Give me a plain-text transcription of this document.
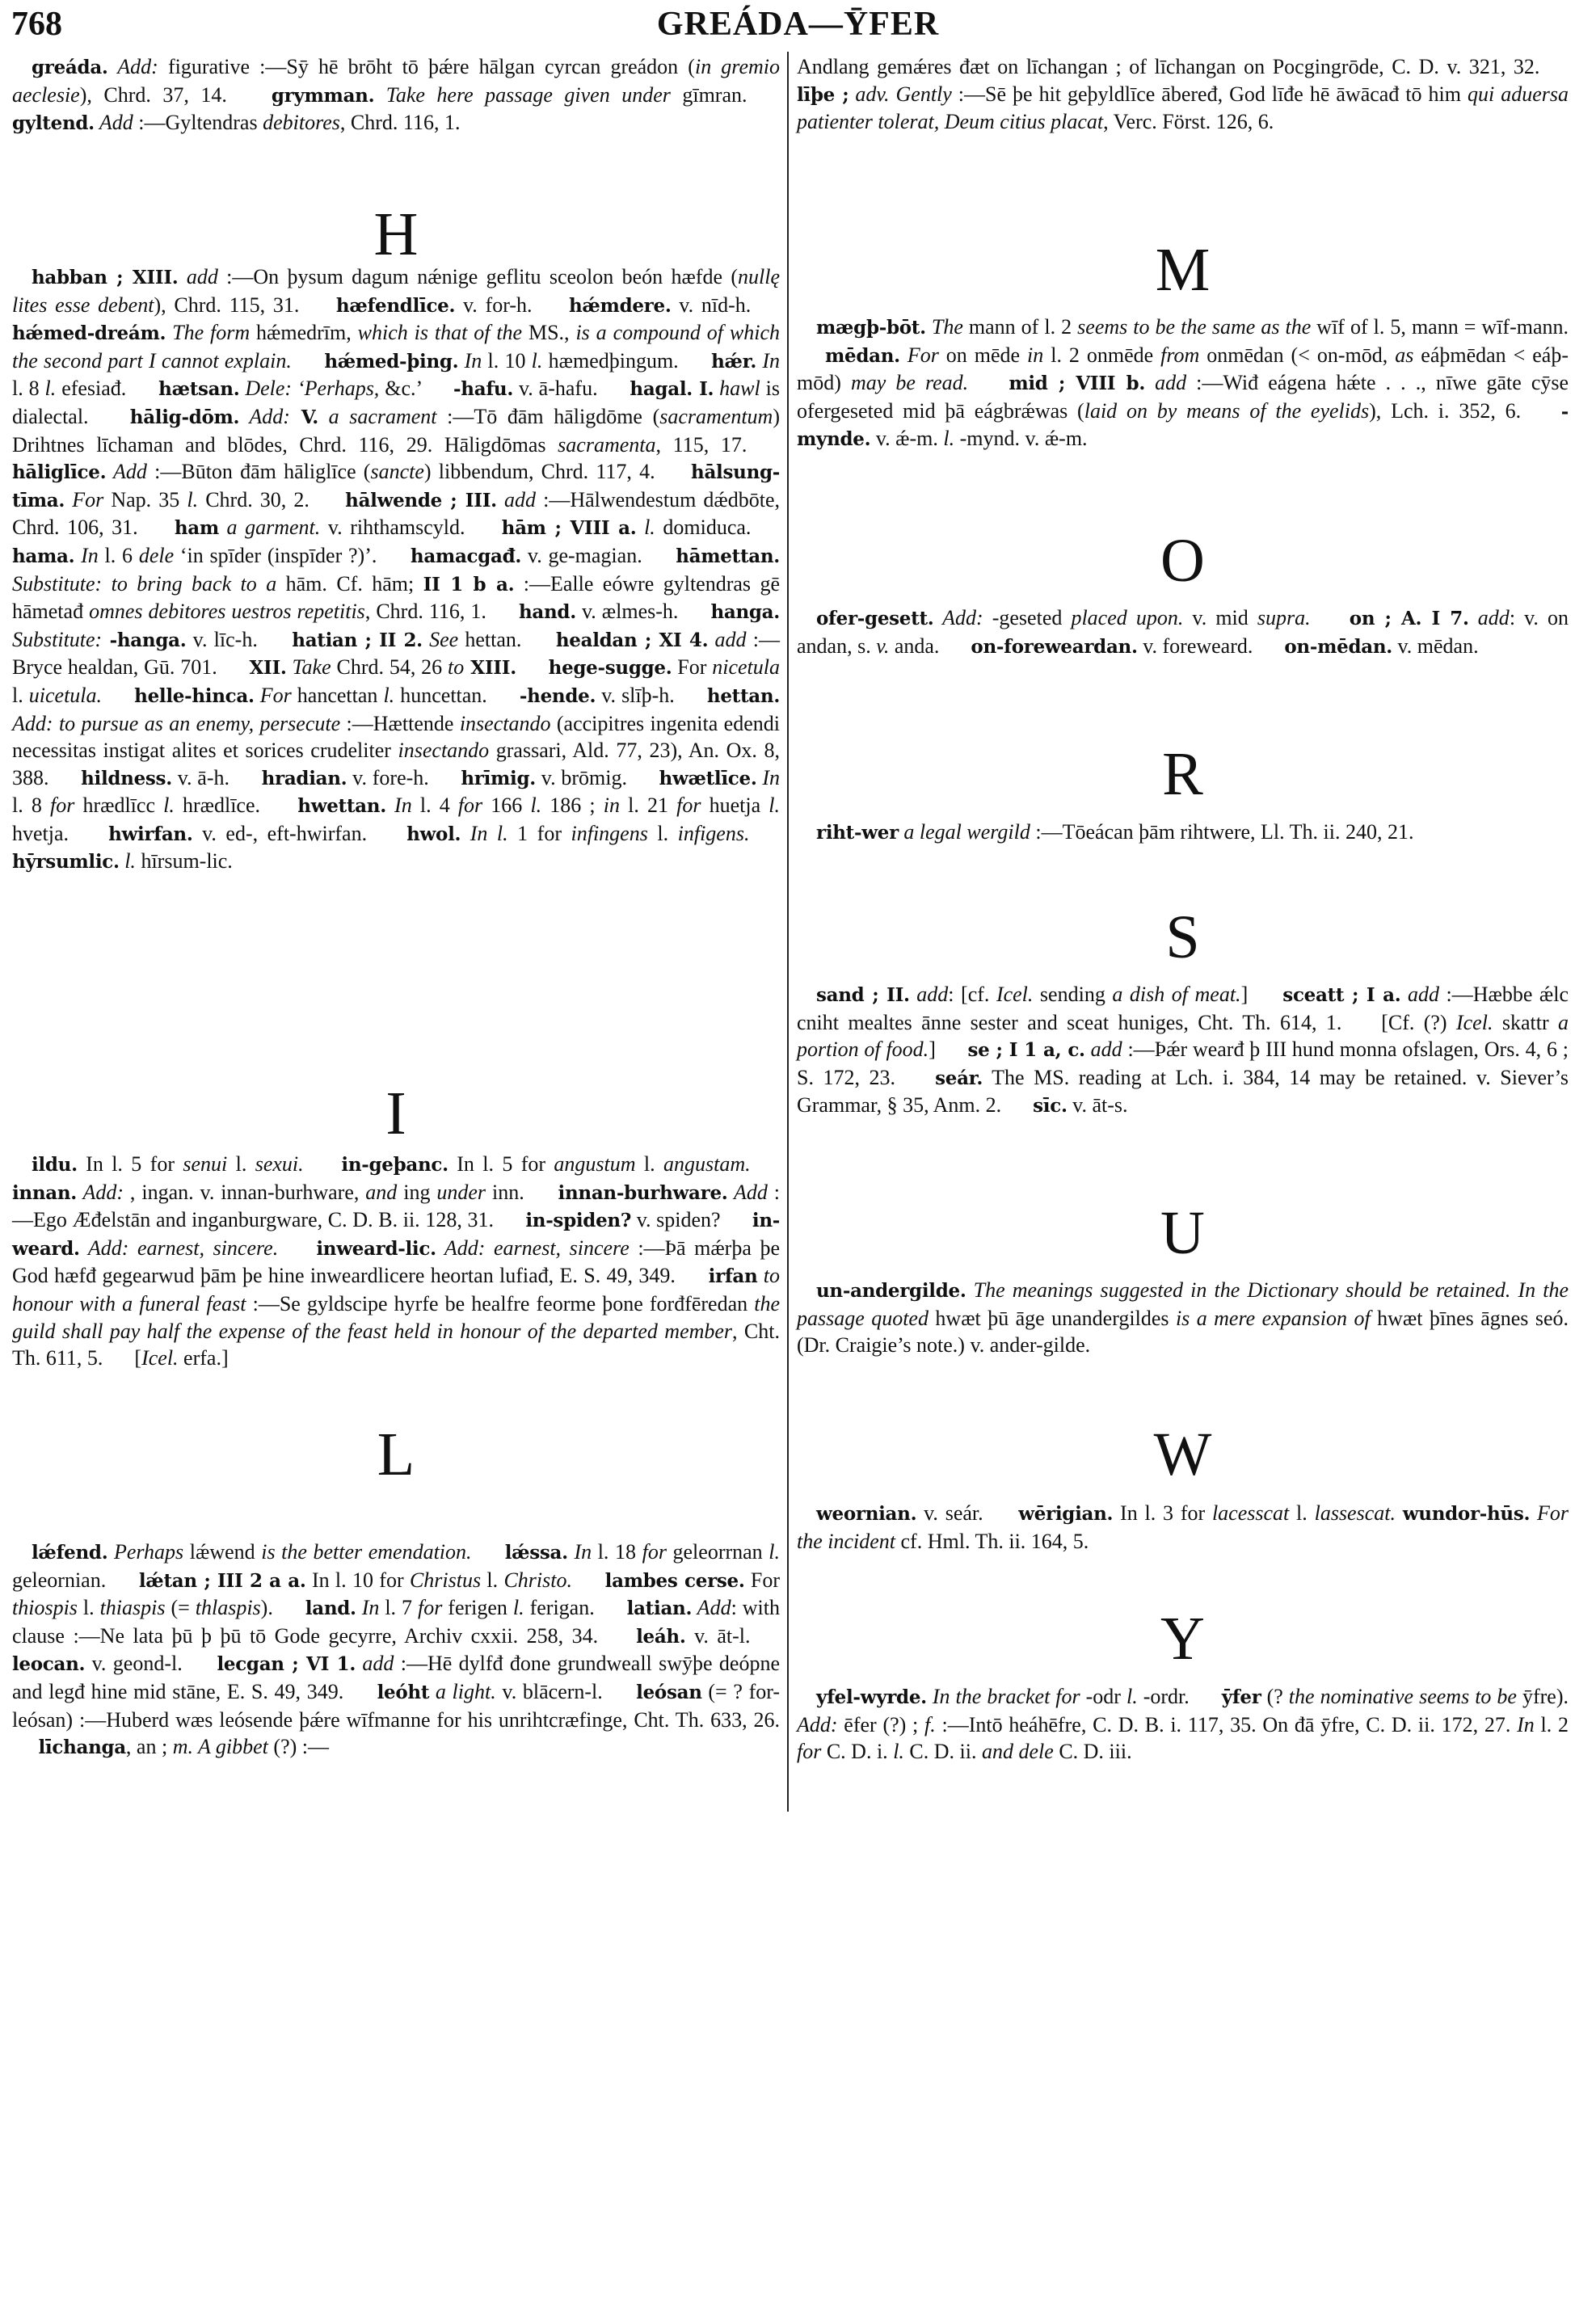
768	GREÁDA—ȲFER

greáda. Add: figurative :—Sȳ hē brōht tō þǽre hālgan cyrcan greádon (in gremio aeclesie), Chrd. 37, 14.   grymman. Take here passage given under gīmran.   gyltend. Add :—Gyltendras debitores, Chrd. 116, 1.

H

habban ; XIII. add :—On þysum dagum nǽnige geflitu sceolon beón hæfde (nullę lites esse debent), Chrd. 115, 31.   hæfendlīce. v. for-h.   hǽmdere. v. nīd-h.   hǽmed-dreám. The form hǽmedrīm, which is that of the MS., is a compound of which the second part I cannot explain.   hǽmed-þing. In l. 10 l. hæmedþingum.   hǽr. In l. 8 l. efesiađ.   hætsan. Dele: ‘Perhaps, &c.’   -hafu. v. ā-hafu.   hagal. I. hawl is dialectal.   hālig-dōm. Add: V. a sacrament :—Tō đām hāligdōme (sacramentum) Drihtnes līchaman and blōdes, Chrd. 116, 29. Hāligdōmas sacramenta, 115, 17.   hāliglīce. Add :—Būton đām hāliglīce (sancte) libbendum, Chrd. 117, 4.   hālsung-tīma. For Nap. 35 l. Chrd. 30, 2.   hālwende ; III. add :—Hālwendestum dǽdbōte, Chrd. 106, 31.   ham a garment. v. rihthamscyld.   hām ; VIII a. l. domiduca.   hama. In l. 6 dele ‘in spīder (inspīder ?)’.   hamacgađ. v. ge-magian.   hāmettan. Substitute: to bring back to a hām. Cf. hām; II 1 b a. :—Ealle eówre gyltendras gē hāmetađ omnes debitores uestros repetitis, Chrd. 116, 1.   hand. v. ælmes-h.   hanga. Substitute: -hanga. v. līc-h.   hatian ; II 2. See hettan.   healdan ; XI 4. add :—Bryce healdan, Gū. 701.   XII. Take Chrd. 54, 26 to XIII.   hege-sugge. For nicetula l. uicetula.   helle-hinca. For hancettan l. huncettan.   -hende. v. slīþ-h.   hettan. Add: to pursue as an enemy, persecute :—Hættende insectando (accipitres ingenita edendi necessitas instigat alites et sorices crudeliter insectando grassari, Ald. 77, 23), An. Ox. 8, 388.   hildness. v. ā-h.   hradian. v. fore-h.   hrīmig. v. brōmig.   hwætlīce. In l. 8 for hrædlīcc l. hrædlīce.   hwettan. In l. 4 for 166 l. 186 ; in l. 21 for huetja l. hvetja.   hwirfan. v. ed-, eft-hwirfan.   hwol. In l. 1 for infingens l. infigens.   hȳrsumlic. l. hīrsum-lic.

I

ildu. In l. 5 for senui l. sexui.   in-geþanc. In l. 5 for angustum l. angustam.   innan. Add: , ingan. v. innan-burhware, and ing under inn.   innan-burhware. Add :—Ego Æđelstān and inganburgware, C. D. B. ii. 128, 31.   in-spiden? v. spiden?   in-weard. Add: earnest, sincere.   inweard-lic. Add: earnest, sincere :—Þā mǽrþa þe God hæfđ gegearwud þām þe hine inweardlicere heortan lufiađ, E. S. 49, 349.   irfan to honour with a funeral feast :—Se gyldscipe hyrfe be healfre feorme þone forđfēredan the guild shall pay half the expense of the feast held in honour of the departed member, Cht. Th. 611, 5.   [Icel. erfa.]

L

lǽfend. Perhaps lǽwend is the better emendation.   lǽssa. In l. 18 for geleorrnan l. geleornian.   lǽtan ; III 2 a a. In l. 10 for Christus l. Christo.   lambes cerse. For thiospis l. thiaspis (= thlaspis).   land. In l. 7 for ferigen l. ferigan.   latian. Add: with clause :—Ne lata þū þ þū tō Gode gecyrre, Archiv cxxii. 258, 34.   leáh. v. āt-l.   leocan. v. geond-l.   lecgan ; VI 1. add :—Hē dylfđ đone grundweall swȳþe deópne and legđ hine mid stāne, E. S. 49, 349.   leóht a light. v. blācern-l.   leósan (= ? for-leósan) :—Huberd wæs leósende þǽre wīfmanne for his unrihtcræfinge, Cht. Th. 633, 26.   līchanga, an ; m. A gibbet (?) :—

Andlang gemǽres đæt on līchangan ; of līchangan on Pocgingrōde, C. D. v. 321, 32.   līþe ; adv. Gently :—Sē þe hit geþyldlīce ābeređ, God līđe hē āwācađ tō him qui aduersa patienter tolerat, Deum citius placat, Verc. Först. 126, 6.

M

mægþ-bōt. The mann of l. 2 seems to be the same as the wīf of l. 5, mann = wīf-mann.   mēdan. For on mēde in l. 2 onmēde from onmēdan (< on-mōd, as eáþmēdan < eáþ-mōd) may be read.   mid ; VIII b. add :—Wiđ eágena hǽte . . ., nīwe gāte cȳse ofergeseted mid þā eágbrǽwas (laid on by means of the eyelids), Lch. i. 352, 6.   -mynde. v. ǽ-m. l. -mynd. v. ǽ-m.

O

ofer-gesett. Add: -geseted placed upon. v. mid supra.   on ; A. I 7. add: v. on andan, s. v. anda.   on-foreweardan. v. foreweard.   on-mēdan. v. mēdan.

R

riht-wer a legal wergild :—Tōeácan þām rihtwere, Ll. Th. ii. 240, 21.

S

sand ; II. add: [cf. Icel. sending a dish of meat.]   sceatt ; I a. add :—Hæbbe ǽlc cniht mealtes ānne sester and sceat huniges, Cht. Th. 614, 1.   [Cf. (?) Icel. skattr a portion of food.]   se ; I 1 a, c. add :—Þǽr wearđ þ III hund monna ofslagen, Ors. 4, 6 ; S. 172, 23.   seár. The MS. reading at Lch. i. 384, 14 may be retained. v. Siever’s Grammar, § 35, Anm. 2.   sīc. v. āt-s.

U

un-andergilde. The meanings suggested in the Dictionary should be retained. In the passage quoted hwæt þū āge unandergildes is a mere expansion of hwæt þīnes āgnes seó. (Dr. Craigie’s note.) v. ander-gilde.

W

weornian. v. seár.   wērigian. In l. 3 for lacesscat l. lassescat. wundor-hūs. For the incident cf. Hml. Th. ii. 164, 5.

Y

yfel-wyrde. In the bracket for -odr l. -ordr.   ȳfer (? the nominative seems to be ȳfre). Add: ēfer (?) ; f. :—Intō heáhēfre, C. D. B. i. 117, 35. On đā ȳfre, C. D. ii. 172, 27. In l. 2 for C. D. i. l. C. D. ii. and dele C. D. iii.
